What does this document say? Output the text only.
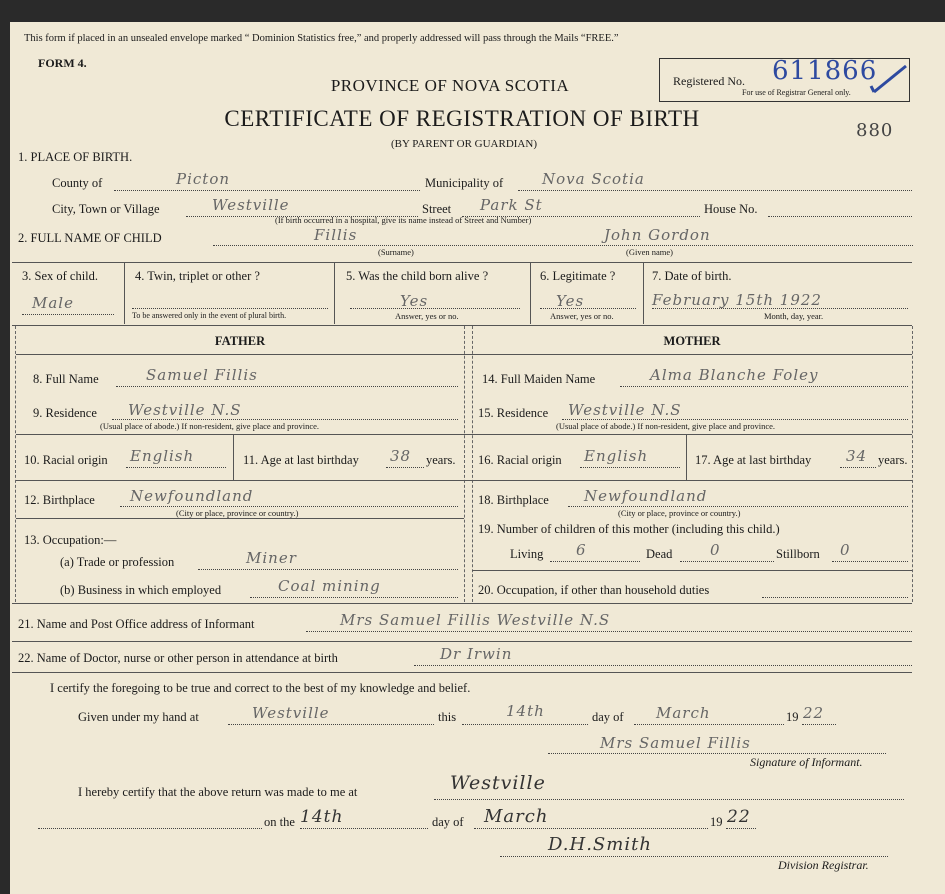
This form if placed in an unsealed envelope marked “ Dominion Statistics free,” and properly addressed will pass through the Mails “FREE.”
FORM 4.
Registered No. 611866
For use of Registrar General only.
880
PROVINCE OF NOVA SCOTIA
CERTIFICATE OF REGISTRATION OF BIRTH
(BY PARENT OR GUARDIAN)
1. PLACE OF BIRTH.
County of	Picton	Municipality of	Nova Scotia
City, Town or Village	Westville	Street Park St	House No.
(If birth occurred in a hospital, give its name instead of Street and Number)
2. FULL NAME OF CHILD	Fillis	John Gordon
(Surname)	(Given name)
3. Sex of child.
Male
4. Twin, triplet or other ?
To be answered only in the event of plural birth.
5. Was the child born alive ?
Yes
Answer, yes or no.
6. Legitimate ?
Yes
Answer, yes or no.
7. Date of birth.
February 15th 1922
Month, day, year.
FATHER	MOTHER
8. Full Name	Samuel Fillis	14. Full Maiden Name	Alma Blanche Foley
9. Residence Westville N.S
(Usual place of abode.) If non-resident, give place and province.
15. Residence Westville N.S
(Usual place of abode.) If non-resident, give place and province.
10. Racial origin English	11. Age at last birthday 38 years. 16. Racial origin English	17. Age at last birthday 34 years.
12. Birthplace Newfoundland
(City or place, province or country.)
18. Birthplace Newfoundland
(City or place, province or country.)
13. Occupation:—
(a) Trade or profession	Miner
(b) Business in which employed	Coal mining
19. Number of children of this mother (including this child.)
Living 6	Dead	0	Stillborn 0
20. Occupation, if other than household duties
21. Name and Post Office address of Informant	Mrs Samuel Fillis Westville N.S
22. Name of Doctor, nurse or other person in attendance at birth	Dr Irwin
I certify the foregoing to be true and correct to the best of my knowledge and belief.
Given under my hand at	Westville	this	14th	day of March	19 22
Mrs Samuel Fillis
Signature of Informant.
I hereby certify that the above return was made to me at	Westville
on the 14th	day of March	19 22
D.H.Smith
Division Registrar.
